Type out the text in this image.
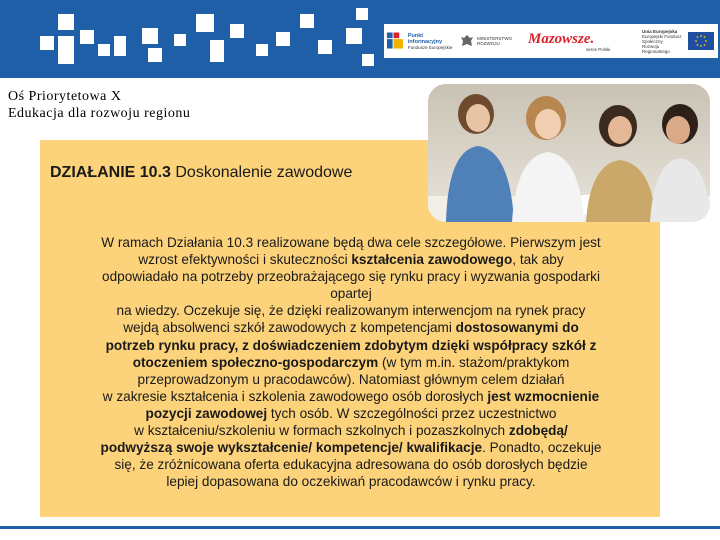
Punkt informacyjny
Fundusze Europejskie
MINISTERSTWO ROZWOJU	Mazowsze.
serce Polski
Unia Europejska
Europejski Fundusz
Społeczny
Rozwoju Regionalnego
Oś Priorytetowa X
Edukacja dla rozwoju regionu
DZIAŁANIE 10.3 Doskonalenie zawodowe

W ramach Działania 10.3 realizowane będą dwa cele szczegółowe. Pierwszym jest

wzrost efektywności i skuteczności kształcenia zawodowego, tak aby

odpowiadało na potrzeby przeobrażającego się rynku pracy i wyzwania gospodarki

opartej

na wiedzy. Oczekuje się, że dzięki realizowanym interwencjom na rynek pracy

wejdą absolwenci szkół zawodowych z kompetencjami dostosowanymi do

potrzeb rynku pracy, z doświadczeniem zdobytym dzięki współpracy szkół z

otoczeniem społeczno-gospodarczym (w tym m.in. stażom/praktykom

przeprowadzonym u pracodawców). Natomiast głównym celem działań

w zakresie kształcenia i szkolenia zawodowego osób dorosłych jest wzmocnienie

pozycji zawodowej tych osób. W szczególności przez uczestnictwo

w kształceniu/szkoleniu w formach szkolnych i pozaszkolnych zdobędą/

podwyższą swoje wykształcenie/ kompetencje/ kwalifikacje. Ponadto, oczekuje

się, że zróżnicowana oferta edukacyjna adresowana do osób dorosłych będzie

lepiej dopasowana do oczekiwań pracodawców i rynku pracy.
